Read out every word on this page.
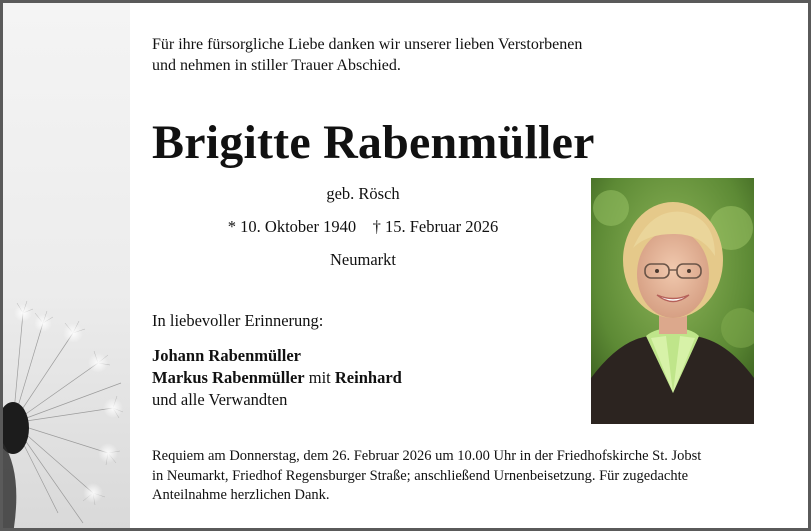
Für ihre fürsorgliche Liebe danken wir unserer lieben Verstorbenen
und nehmen in stiller Trauer Abschied.
Brigitte Rabenmüller
geb. Rösch
* 10. Oktober 1940 † 15. Februar 2026
Neumarkt
In liebevoller Erinnerung:
Johann Rabenmüller
Markus Rabenmüller mit Reinhard
und alle Verwandten
Requiem am Donnerstag, dem 26. Februar 2026 um 10.00 Uhr in der Friedhofskirche St. Jobst
in Neumarkt, Friedhof Regensburger Straße; anschließend Urnenbeisetzung. Für zugedachte
Anteilnahme herzlichen Dank.
